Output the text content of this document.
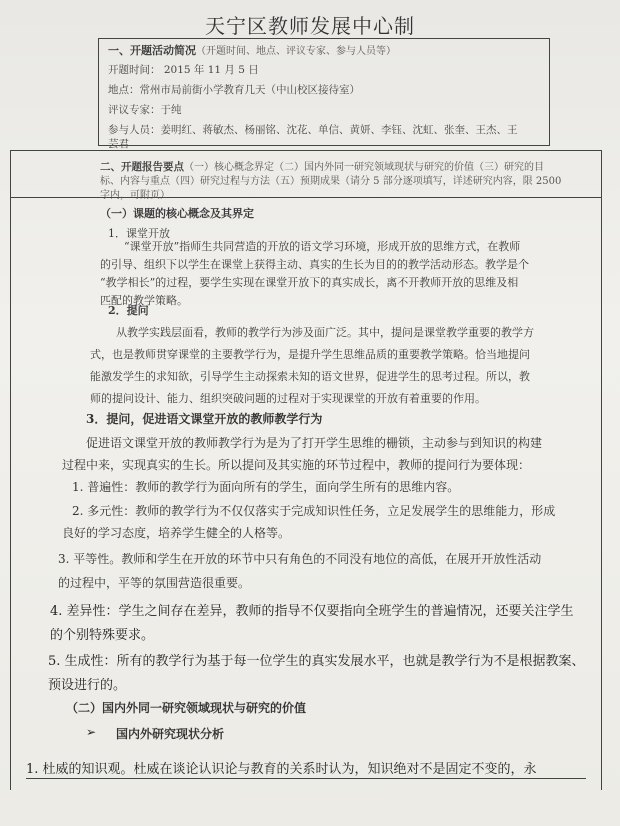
天宁区教师发展中心制
一、开题活动简况（开题时间、地点、评议专家、参与人员等）
开题时间： 2015 年 11 月 5 日
地点：常州市局前街小学教育几天（中山校区接待室）
评议专家：于纯
参与人员：姜明红、蒋敏杰、杨丽铭、沈花、单信、黄妍、李钰、沈虹、张奎、王杰、王
芸君
二、开题报告要点（一）核心概念界定（二）国内外同一研究领域现状与研究的价值（三）研究的目
标、内容与重点（四）研究过程与方法（五）预期成果（请分 5 部分逐项填写，详述研究内容，限 2500
字内，可附页）
（一）课题的核心概念及其界定
1．课堂开放
“课堂开放”指师生共同营造的开放的语文学习环境，形成开放的思维方式，在教师
的引导、组织下以学生在课堂上获得主动、真实的生长为目的的教学活动形态。教学是个
“教学相长”的过程，要学生实现在课堂开放下的真实成长，离不开教师开放的思维及相
匹配的教学策略。
2．提问
从教学实践层面看，教师的教学行为涉及面广泛。其中，提问是课堂教学重要的教学方
式，也是教师贯穿课堂的主要教学行为，是提升学生思维品质的重要教学策略。恰当地提问
能激发学生的求知欲，引导学生主动探索未知的语文世界，促进学生的思考过程。所以，教
师的提问设计、能力、组织突破问题的过程对于实现课堂的开放有着重要的作用。
3．提问，促进语文课堂开放的教师教学行为
促进语文课堂开放的教师教学行为是为了打开学生思维的栅锁，主动参与到知识的构建
过程中来，实现真实的生长。所以提问及其实施的环节过程中，教师的提问行为要体现：
1. 普遍性：教师的教学行为面向所有的学生，面向学生所有的思维内容。
2. 多元性：教师的教学行为不仅仅落实于完成知识性任务，立足发展学生的思维能力，形成
良好的学习态度，培养学生健全的人格等。
3. 平等性。教师和学生在开放的环节中只有角色的不同没有地位的高低，在展开开放性活动
的过程中，平等的氛围营造很重要。
4. 差异性：学生之间存在差异，教师的指导不仅要指向全班学生的普遍情况，还要关注学生
的个别特殊要求。
5. 生成性：所有的教学行为基于每一位学生的真实发展水平，也就是教学行为不是根据教案、
预设进行的。
（二）国内外同一研究领域现状与研究的价值
➢ 国内外研究现状分析
1. 杜威的知识观。杜威在谈论认识论与教育的关系时认为，知识绝对不是固定不变的，永
